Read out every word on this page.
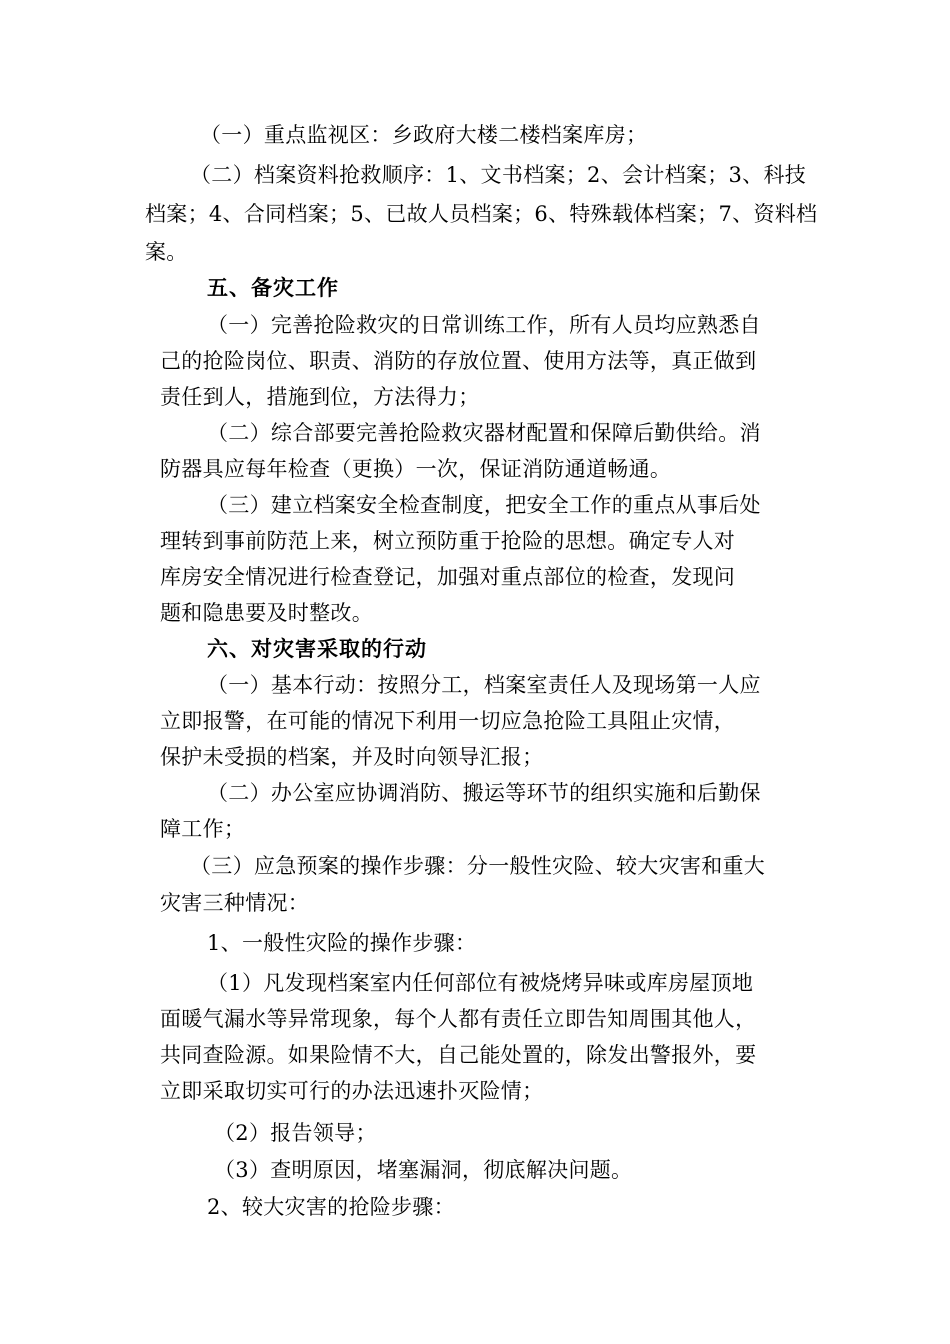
（一）重点监视区：乡政府大楼二楼档案库房；
（二）档案资料抢救顺序：1、文书档案；2、会计档案；3、科技
档案；4、合同档案；5、已故人员档案；6、特殊载体档案；7、资料档
案。
五、备灾工作
（一）完善抢险救灾的日常训练工作，所有人员均应熟悉自
己的抢险岗位、职责、消防的存放位置、使用方法等，真正做到
责任到人，措施到位，方法得力；
（二）综合部要完善抢险救灾器材配置和保障后勤供给。消
防器具应每年检查（更换）一次，保证消防通道畅通。
（三）建立档案安全检查制度，把安全工作的重点从事后处
理转到事前防范上来，树立预防重于抢险的思想。确定专人对
库房安全情况进行检查登记，加强对重点部位的检查，发现问
题和隐患要及时整改。
六、对灾害采取的行动
（一）基本行动：按照分工，档案室责任人及现场第一人应
立即报警，在可能的情况下利用一切应急抢险工具阻止灾情，
保护未受损的档案，并及时向领导汇报；
（二）办公室应协调消防、搬运等环节的组织实施和后勤保
障工作；
（三）应急预案的操作步骤：分一般性灾险、较大灾害和重大
灾害三种情况：
1、一般性灾险的操作步骤：
（1）凡发现档案室内任何部位有被烧烤异味或库房屋顶地
面暖气漏水等异常现象，每个人都有责任立即告知周围其他人，
共同查险源。如果险情不大，自己能处置的，除发出警报外，要
立即采取切实可行的办法迅速扑灭险情；
（2）报告领导；
（3）查明原因，堵塞漏洞，彻底解决问题。
2、较大灾害的抢险步骤：
